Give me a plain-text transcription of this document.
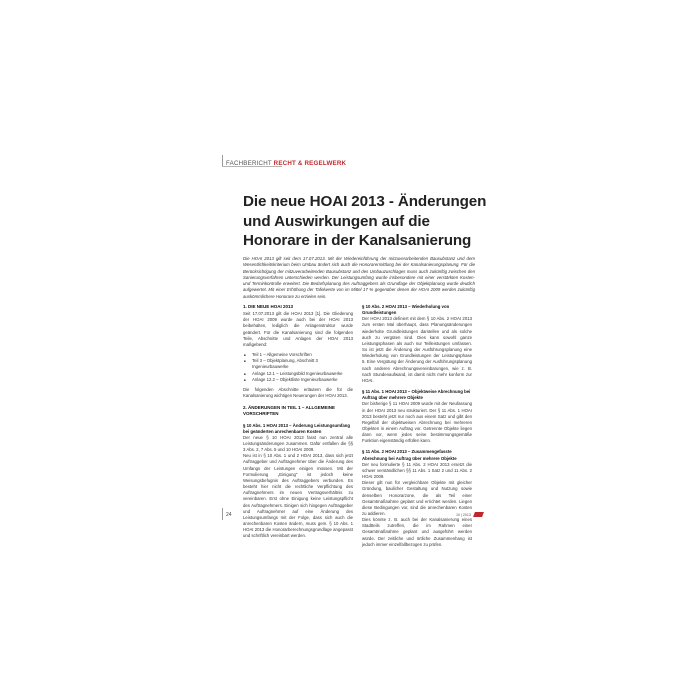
FACHBERICHT RECHT & REGELWERK
Die neue HOAI 2013 - Änderungen und Auswirkungen auf die Honorare in der Kanalsanierung

Die HOAI 2013 gilt seit dem 17.07.2013. Mit der Wiedereinführung der mitzuverarbeitenden Bausubstanz und dem Wesentlichkeitskriterium beim Umbau ändert sich auch die Honorarermittlung bei der Kanalsanierungsplanung. Für die Berücksichtigung der mitzuverarbeitenden Bausubstanz und des Umbauzuschlages muss auch zukünftig zwischen den Sanierungsverfahren unterschieden werden. Der Leistungsumfang wurde insbesondere mit einer verstärkten Kosten- und Terminkontrolle erweitert. Die Bedarfsplanung des Auftraggebers als Grundlage der Objektplanung wurde deutlich aufgewertet. Mit einer Erhöhung der Tafelwerte von im Mittel 17 % gegenüber denen der HOAI 2009 werden zukünftig auskömmlichere Honorare zu erzielen sein.

1. DIE NEUE HOAI 2013

Seit 17.07.2013 gilt die HOAI 2013 [1]. Die Gliederung der HOAI 2009 wurde auch bei der HOAI 2013 beibehalten, lediglich die Anlagenstruktur wurde geändert. Für die Kanalsanierung sind die folgenden Teile, Abschnitte und Anlagen der HOAI 2013 maßgebend:

■ Teil 1 – Allgemeine Vorschriften
■ Teil 3 – Objektplanung, Abschnitt 3 Ingenieurbauwerke
■ Anlage 12.1 – Leistungsbild Ingenieurbauwerke
■ Anlage 12.2 – Objektliste Ingenieurbauwerke

Die folgenden Abschnitte erläutern die für die Kanalsanierung wichtigen Neuerungen der HOAI 2013.

2. ÄNDERUNGEN IN TEIL 1 – ALLGEMEINE VORSCHRIFTEN
§ 10 Abs. 1 HOAI 2013 – Änderung Leistungsumfang bei geänderten anrechenbaren Kosten

Der neue § 10 HOAI 2013 fasst nun zentral alle Leistungsänderungen zusammen. Dafür entfallen die §§ 3 Abs. 2, 7 Abs. 5 und 10 HOAI 2009.

Neu ist in § 10 Abs. 1 und 2 HOAI 2013, dass sich jetzt Auftraggeber und Auftragnehmer über die Änderung des Umfangs der Leistungen einigen müssen. Mit der Formulierung „Einigung" ist jedoch keine Weisungsbefugnis des Auftraggebers verbunden. Es besteht hier nicht die rechtliche Verpflichtung des Auftragnehmers im neuen Vertragsverhältnis zu vereinbaren. Erst ohne Einigung keine Leistungspflicht des Auftragnehmers. Einigen sich hingegen Auftraggeber und Auftragnehmer auf eine Änderung des Leistungsumfangs mit der Folge, dass sich auch die anrechenbaren Kosten ändern, muss gem. § 10 Abs. 1 HOAI 2013 die Honorarberechnungsgrundlage angepasst und schriftlich vereinbart werden.

§ 10 Abs. 2 HOAI 2013 – Wiederholung von Grundleistungen

Der HOAI 2013 definiert mit dem § 10 Abs. 2 HOAI 2013 zum ersten Mal überhaupt, dass Planungsänderungen wiederholte Grundleistungen darstellen und als solche auch zu vergüten sind. Dies kann sowohl ganze Leistungsphasen als auch nur Teilleistungen umfassen. So ist jetzt die Änderung der Ausführungsplanung eine Wiederholung von Grundleistungen der Leistungsphase 5. Eine Vergütung der Änderung der Ausführungsplanung nach anderen Abrechnungsvereinbarungen, wie z. B. nach Stundenaufwand, ist damit nicht mehr konform zur HOAI.

§ 11 Abs. 1 HOAI 2013 – Objektweise Abrechnung bei Auftrag über mehrere Objekte

Der bisherige § 11 HOAI 2009 wurde mit der Neufassung in der HOAI 2013 neu strukturiert. Der § 11 Abs. 1 HOAI 2013 besteht jetzt nur noch aus einem Satz und gibt den Regelfall der objektweisen Abrechnung bei mehreren Objekten in einem Auftrag vor. Getrennte Objekte liegen dann vor, wenn jedes seine bestimmungsgemäße Funktion eigenständig erfüllen kann.

§ 11 Abs. 2 HOAI 2013 – Zusammengefasste Abrechnung bei Auftrag über mehrere Objekte

Der neu formulierte § 11 Abs. 2 HOAI 2013 ersetzt die schwer verständlichen §§ 11 Abs. 1 Satz 2 und 11 Abs. 2 HOAI 2009.

Dieser gilt nun für vergleichbare Objekte mit gleicher Gründung, baulicher Gestaltung und Nutzung sowie denselben Honorarzone, die als Teil einer Gesamtmaßnahme geplant und errichtet werden. Liegen diese Bedingungen vor, sind die anrechenbaren Kosten zu addieren.

Dies könnte z. B. auch bei der Kanalsanierung eines Stadtteils zutreffen, die im Rahmen einer Gesamtmaßnahme geplant und ausgeführt werden würde. Der zeitliche und örtliche Zusammenhang ist jedoch immer einzelfallbezogen zu prüfen.

24	10 | 2013
